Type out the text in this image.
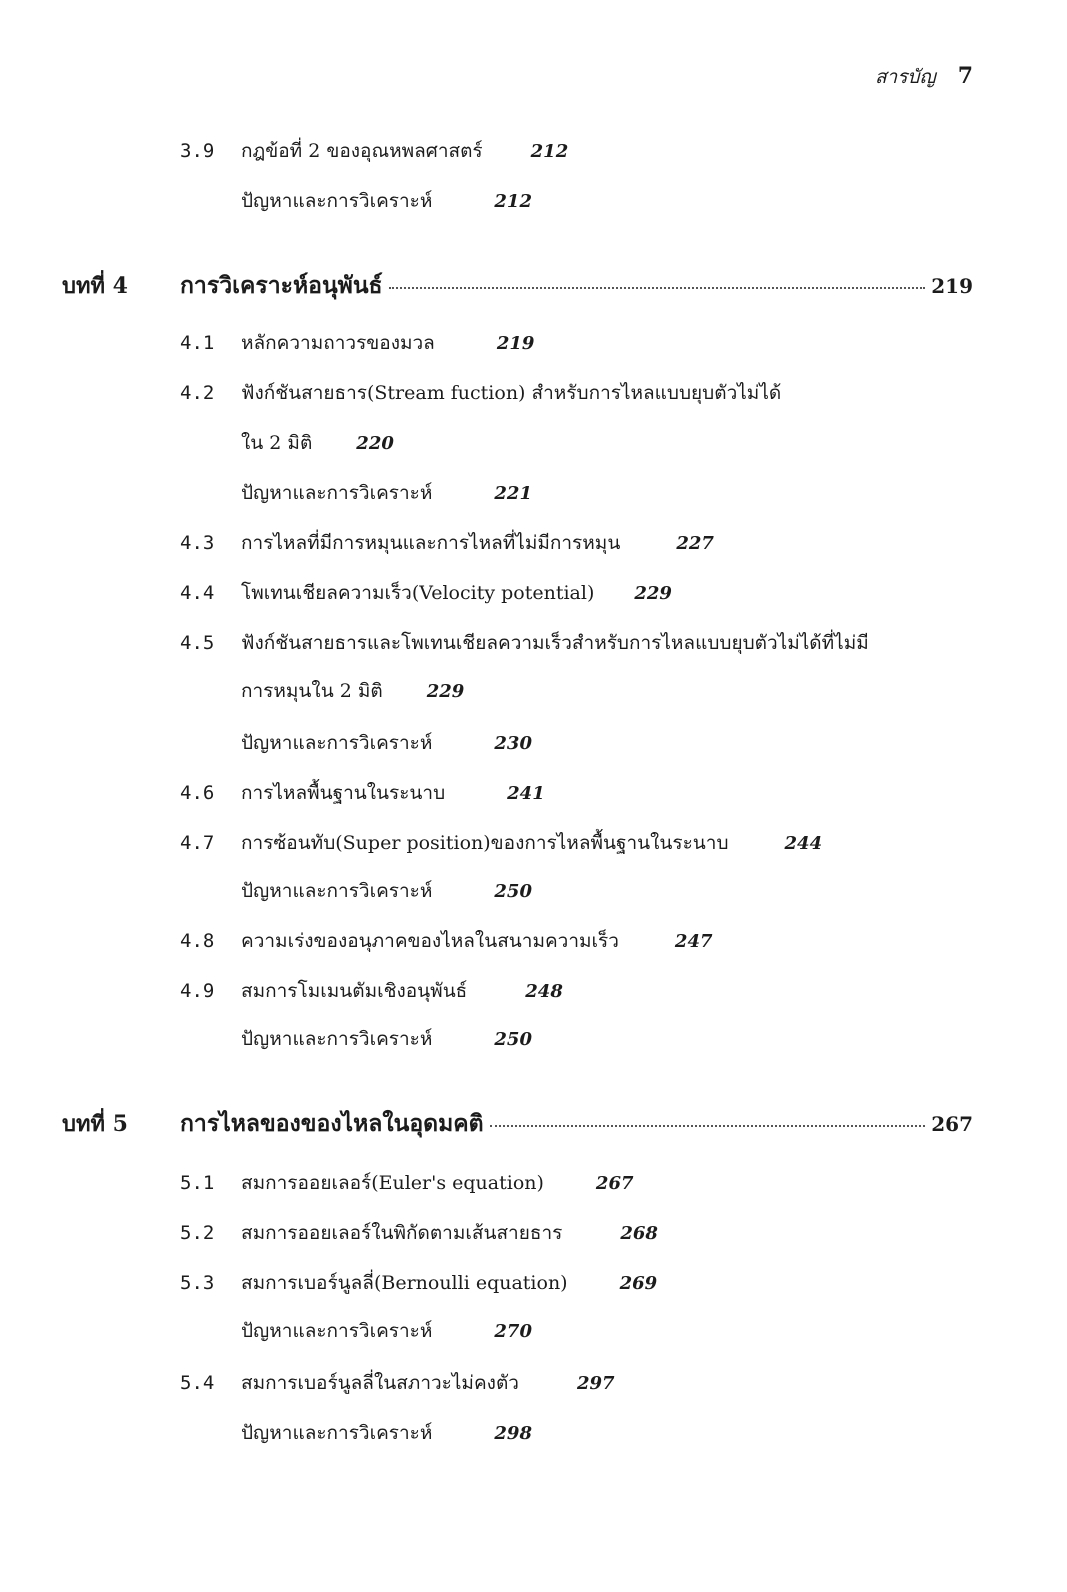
สารบัญ 7
3.9	กฎข้อที่ 2 ของอุณหพลศาสตร์	212
ปัญหาและการวิเคราะห์	212
บทที่ 4	การวิเคราะห์อนุพันธ์	219
4.1	หลักความถาวรของมวล	219
4.2	ฟังก์ชันสายธาร(Stream fuction) สำหรับการไหลแบบยุบตัวไม่ได้
ใน 2 มิติ 220
ปัญหาและการวิเคราะห์	221
4.3	การไหลที่มีการหมุนและการไหลที่ไม่มีการหมุน	227
4.4	โพเทนเชียลความเร็ว(Velocity potential) 229
4.5	ฟังก์ชันสายธารและโพเทนเชียลความเร็วสำหรับการไหลแบบยุบตัวไม่ได้ที่ไม่มี
การหมุนใน 2 มิติ 229
ปัญหาและการวิเคราะห์	230
4.6	การไหลพื้นฐานในระนาบ	241
4.7	การซ้อนทับ(Super position)ของการไหลพื้นฐานในระนาบ	244
ปัญหาและการวิเคราะห์	250
4.8	ความเร่งของอนุภาคของไหลในสนามความเร็ว	247
4.9	สมการโมเมนตัมเชิงอนุพันธ์	248
ปัญหาและการวิเคราะห์	250
บทที่ 5	การไหลของของไหลในอุดมคติ	267
5.1	สมการออยเลอร์(Euler's equation)	267
5.2	สมการออยเลอร์ในพิกัดตามเส้นสายธาร	268
5.3	สมการเบอร์นูลลี่(Bernoulli equation)	269
ปัญหาและการวิเคราะห์	270
5.4	สมการเบอร์นูลลี่ในสภาวะไม่คงตัว	297
ปัญหาและการวิเคราะห์	298
